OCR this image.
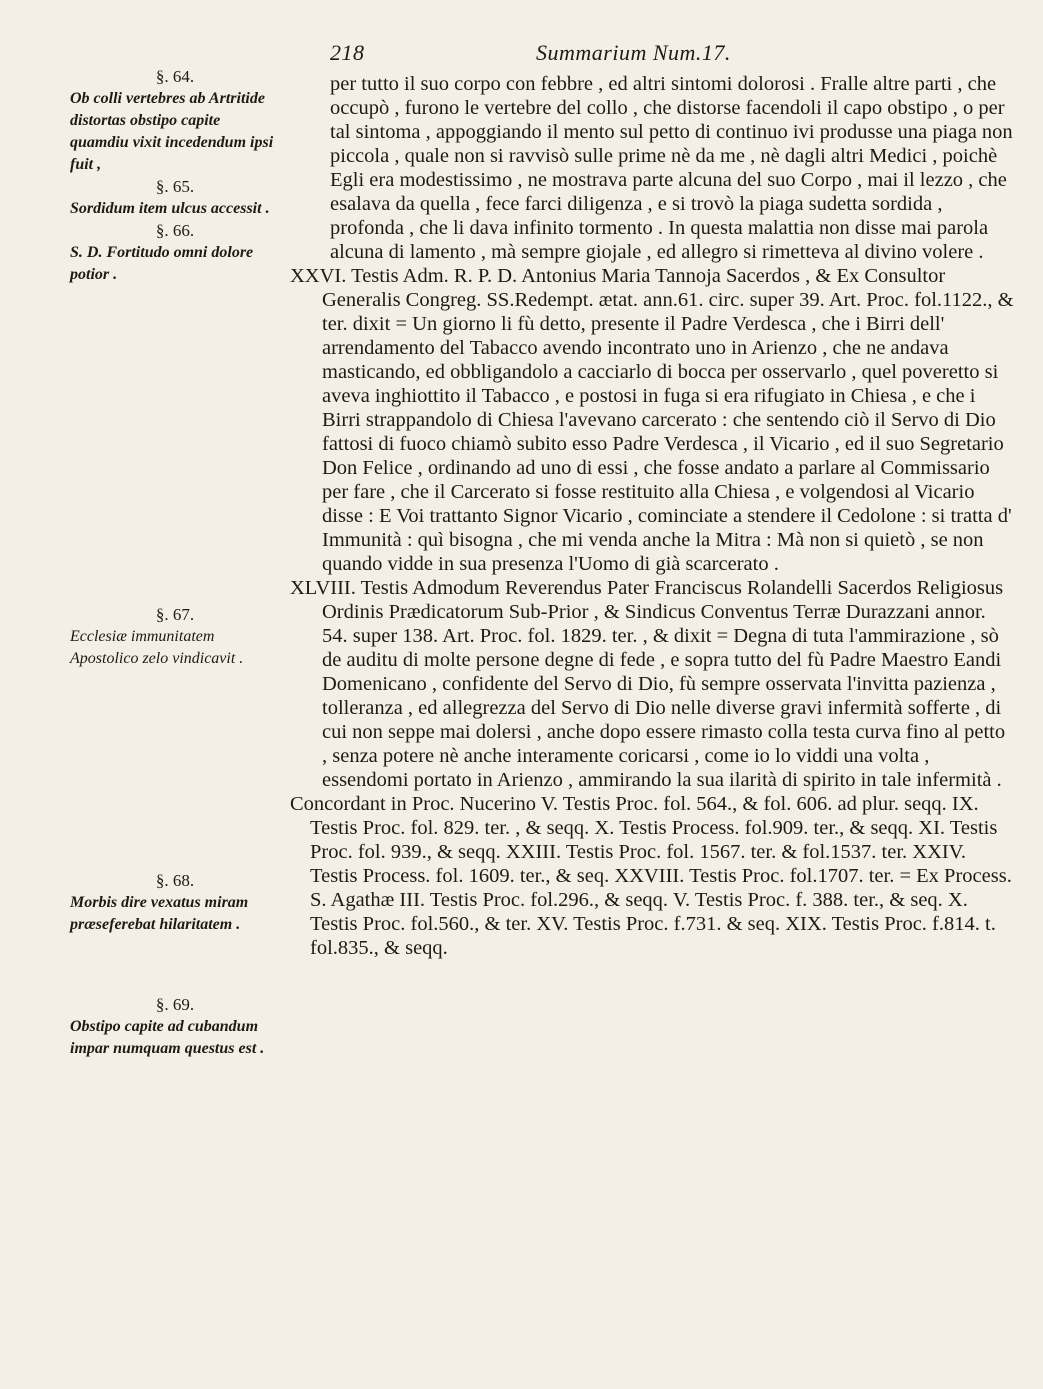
218	Summarium Num.17.
§. 64.
Ob colli vertebres ab Artritide distortas obstipo capite quamdiu vixit incedendum ipsi fuit ,
§. 65.
Sordidum item ulcus accessit .
§. 66.
S. D. Fortitudo omni dolore potior .
§. 67.
Ecclesiæ immunitatem Apostolico zelo vindicavit .
§. 68.
Morbis dire vexatus miram præseferebat hilaritatem .
§. 69.
Obstipo capite ad cubandum impar numquam questus est .

per tutto il suo corpo con febbre , ed altri sintomi dolorosi . Fralle altre parti , che occupò , furono le vertebre del collo , che distorse facendoli il capo obstipo , o per tal sintoma , appoggiando il mento sul petto di continuo ivi produsse una piaga non piccola , quale non si ravvisò sulle prime nè da me , nè dagli altri Medici , poichè Egli era modestissimo , ne mostrava parte alcuna del suo Corpo , mai il lezzo , che esalava da quella , fece farci diligenza , e si trovò la piaga sudetta sordida , profonda , che li dava infinito tormento . In questa malattia non disse mai parola alcuna di lamento , mà sempre giojale , ed allegro si rimetteva al divino volere .

XXVI. Testis Adm. R. P. D. Antonius Maria Tannoja Sacerdos , & Ex Consultor Generalis Congreg. SS.Redempt. ætat. ann.61. circ. super 39. Art. Proc. fol.1122., & ter. dixit = Un giorno li fù detto, presente il Padre Verdesca , che i Birri dell' arrendamento del Tabacco avendo incontrato uno in Arienzo , che ne andava masticando, ed obbligandolo a cacciarlo di bocca per osservarlo , quel poveretto si aveva inghiottito il Tabacco , e postosi in fuga si era rifugiato in Chiesa , e che i Birri strappandolo di Chiesa l'avevano carcerato : che sentendo ciò il Servo di Dio fattosi di fuoco chiamò subito esso Padre Verdesca , il Vicario , ed il suo Segretario Don Felice , ordinando ad uno di essi , che fosse andato a parlare al Commissario per fare , che il Carcerato si fosse restituito alla Chiesa , e volgendosi al Vicario disse : E Voi trattanto Signor Vicario , cominciate a stendere il Cedolone : si tratta d' Immunità : quì bisogna , che mi venda anche la Mitra : Mà non si quietò , se non quando vidde in sua presenza l'Uomo di già scarcerato .

XLVIII. Testis Admodum Reverendus Pater Franciscus Rolandelli Sacerdos Religiosus Ordinis Prædicatorum Sub-Prior , & Sindicus Conventus Terræ Durazzani annor. 54. super 138. Art. Proc. fol. 1829. ter. , & dixit = Degna di tuta l'ammirazione , sò de auditu di molte persone degne di fede , e sopra tutto del fù Padre Maestro Eandi Domenicano , confidente del Servo di Dio, fù sempre osservata l'invitta pazienza , tolleranza , ed allegrezza del Servo di Dio nelle diverse gravi infermità sofferte , di cui non seppe mai dolersi , anche dopo essere rimasto colla testa curva fino al petto , senza potere nè anche interamente coricarsi , come io lo viddi una volta , essendomi portato in Arienzo , ammirando la sua ilarità di spirito in tale infermità .

Concordant in Proc. Nucerino V. Testis Proc. fol. 564., & fol. 606. ad plur. seqq. IX. Testis Proc. fol. 829. ter. , & seqq. X. Testis Process. fol.909. ter., & seqq. XI. Testis Proc. fol. 939., & seqq. XXIII. Testis Proc. fol. 1567. ter. & fol.1537. ter. XXIV. Testis Process. fol. 1609. ter., & seq. XXVIII. Testis Proc. fol.1707. ter. = Ex Process. S. Agathæ III. Testis Proc. fol.296., & seqq. V. Testis Proc. f. 388. ter., & seq. X. Testis Proc. fol.560., & ter. XV. Testis Proc. f.731. & seq. XIX. Testis Proc. f.814. t. fol.835., & seqq.
